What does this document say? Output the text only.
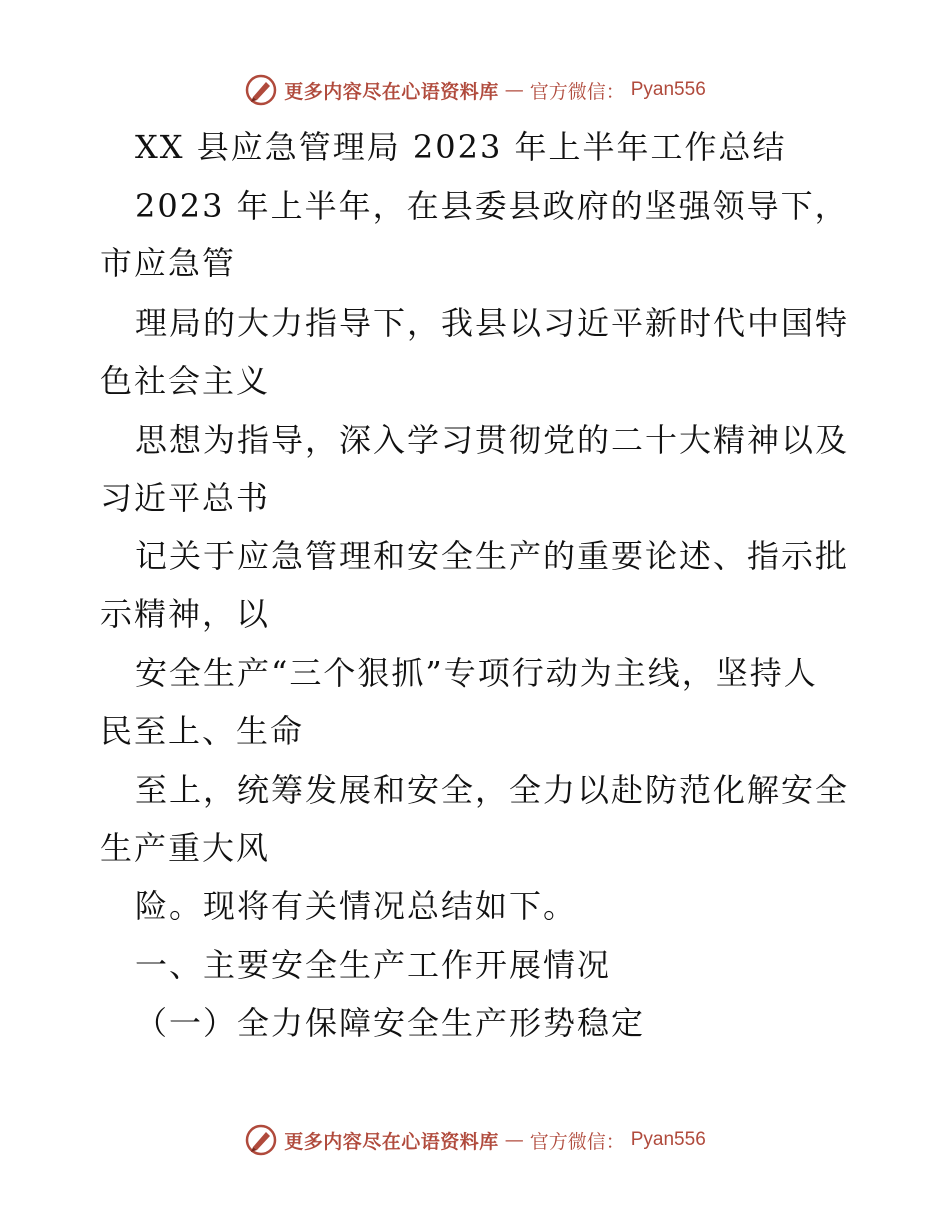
更多内容尽在心语资料库 — 官方微信： Pyan556
XX 县应急管理局 2023 年上半年工作总结
2023 年上半年，在县委县政府的坚强领导下，
市应急管
理局的大力指导下，我县以习近平新时代中国特
色社会主义
思想为指导，深入学习贯彻党的二十大精神以及
习近平总书
记关于应急管理和安全生产的重要论述、指示批
示精神，以
安全生产“三个狠抓”专项行动为主线，坚持人
民至上、生命
至上，统筹发展和安全，全力以赴防范化解安全
生产重大风
险。现将有关情况总结如下。
一、主要安全生产工作开展情况
（一）全力保障安全生产形势稳定
更多内容尽在心语资料库 — 官方微信： Pyan556
